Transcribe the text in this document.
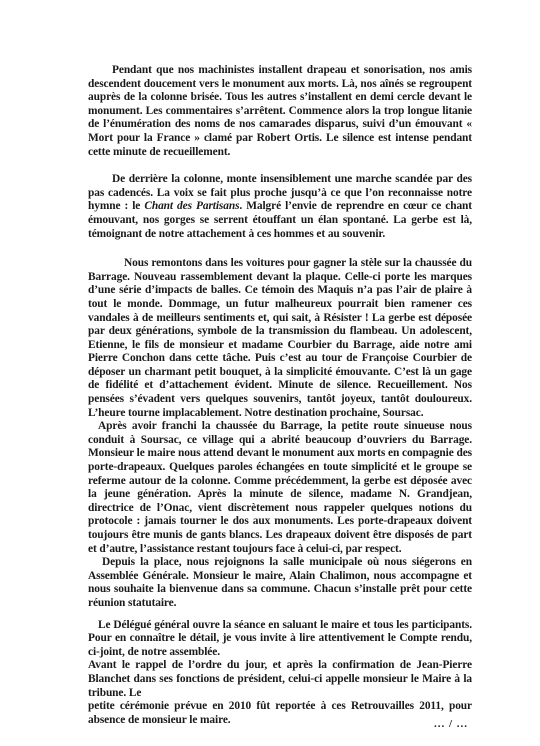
Pendant que nos machinistes installent drapeau et sonorisation, nos amis descendent doucement vers le monument aux morts. Là, nos aînés se regroupent auprès de la colonne brisée. Tous les autres s’installent en demi cercle devant le monument. Les commentaires s’arrêtent. Commence alors la trop longue litanie de l’énumération des noms de nos camarades disparus, suivi d’un émouvant « Mort pour la France » clamé par Robert Ortis. Le silence est intense pendant cette minute de recueillement.

De derrière la colonne, monte insensiblement une marche scandée par des pas cadencés. La voix se fait plus proche jusqu’à ce que l’on reconnaisse notre hymne : le Chant des Partisans. Malgré l’envie de reprendre en cœur ce chant émouvant, nos gorges se serrent étouffant un élan spontané. La gerbe est là, témoignant de notre attachement à ces hommes et au souvenir.

Nous remontons dans les voitures pour gagner la stèle sur la chaussée du Barrage. Nouveau rassemblement devant la plaque. Celle-ci porte les marques d’une série d’impacts de balles. Ce témoin des Maquis n’a pas l’air de plaire à tout le monde. Dommage, un futur malheureux pourrait bien ramener ces vandales à de meilleurs sentiments et, qui sait, à Résister ! La gerbe est déposée par deux générations, symbole de la transmission du flambeau. Un adolescent, Etienne, le fils de monsieur et madame Courbier du Barrage, aide notre ami Pierre Conchon dans cette tâche. Puis c’est au tour de Françoise Courbier de déposer un charmant petit bouquet, à la simplicité émouvante. C’est là un gage de fidélité et d’attachement évident. Minute de silence. Recueillement. Nos pensées s’évadent vers quelques souvenirs, tantôt joyeux, tantôt douloureux. L’heure tourne implacablement. Notre destination prochaine, Soursac.

Après avoir franchi la chaussée du Barrage, la petite route sinueuse nous conduit à Soursac, ce village qui a abrité beaucoup d’ouvriers du Barrage. Monsieur le maire nous attend devant le monument aux morts en compagnie des porte-drapeaux. Quelques paroles échangées en toute simplicité et le groupe se referme autour de la colonne. Comme précédemment, la gerbe est déposée avec la jeune génération. Après la minute de silence, madame N. Grandjean, directrice de l’Onac, vient discrètement nous rappeler quelques notions du protocole : jamais tourner le dos aux monuments. Les porte-drapeaux doivent toujours être munis de gants blancs. Les drapeaux doivent être disposés de part et d’autre, l’assistance restant toujours face à celui-ci, par respect.

Depuis la place, nous rejoignons la salle municipale où nous siégerons en Assemblée Générale. Monsieur le maire, Alain Chalimon, nous accompagne et nous souhaite la bienvenue dans sa commune. Chacun s’installe prêt pour cette réunion statutaire.

Le Délégué général ouvre la séance en saluant le maire et tous les participants. Pour en connaître le détail, je vous invite à lire attentivement le Compte rendu, ci-joint, de notre assemblée.

Avant le rappel de l’ordre du jour, et après la confirmation de Jean-Pierre Blanchet dans ses fonctions de président, celui-ci appelle monsieur le Maire à la tribune. Le

petite cérémonie prévue en 2010 fût reportée à ces Retrouvailles 2011, pour absence de monsieur le maire.	... / ...
